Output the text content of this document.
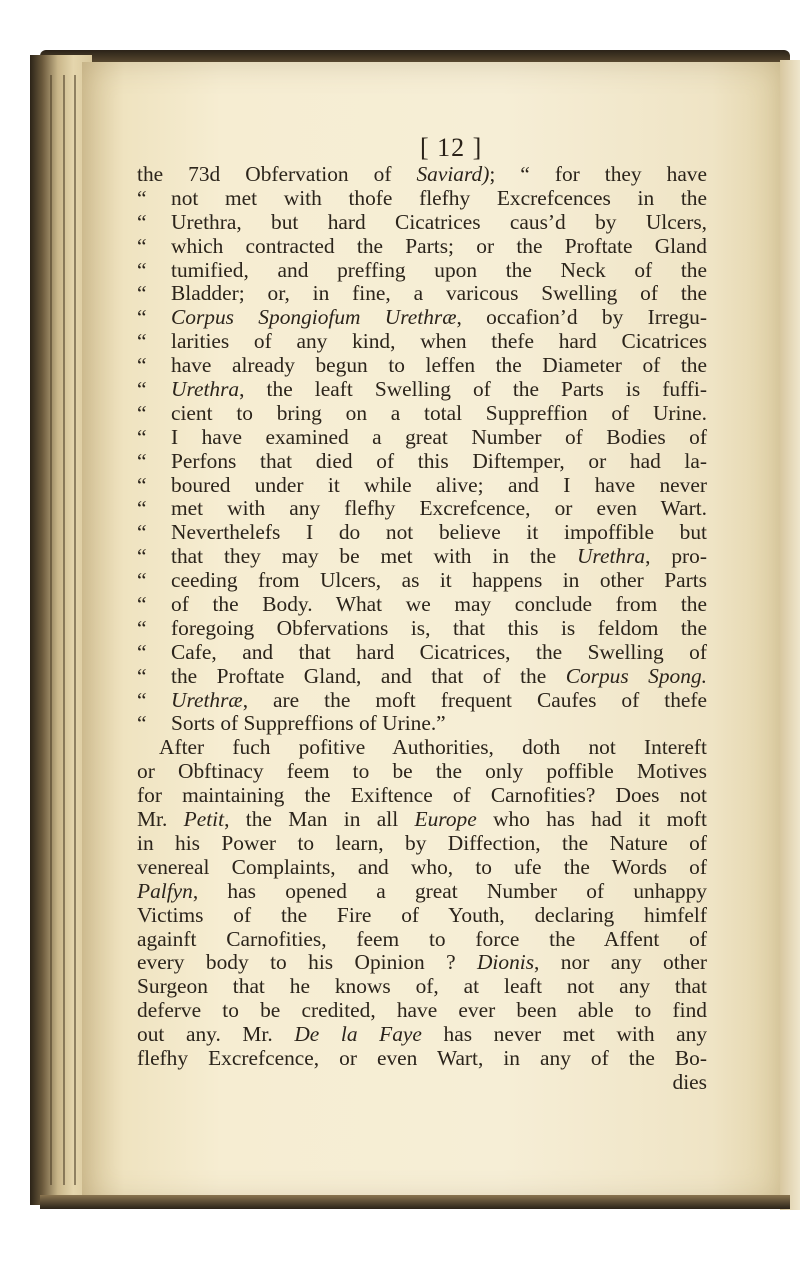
[ 12 ]
the 73d Obfervation of Saviard); “ for they have
“ not met with thofe flefhy Excrefcences in the
“ Urethra, but hard Cicatrices caus’d by Ulcers,
“ which contracted the Parts; or the Proftate Gland
“ tumified, and preffing upon the Neck of the
“ Bladder; or, in fine, a varicous Swelling of the
“ Corpus Spongiofum Urethræ, occafion’d by Irregu-
“ larities of any kind, when thefe hard Cicatrices
“ have already begun to leffen the Diameter of the
“ Urethra, the leaft Swelling of the Parts is fuffi-
“ cient to bring on a total Suppreffion of Urine.
“ I have examined a great Number of Bodies of
“ Perfons that died of this Diftemper, or had la-
“ boured under it while alive; and I have never
“ met with any flefhy Excrefcence, or even Wart.
“ Neverthelefs I do not believe it impoffible but
“ that they may be met with in the Urethra, pro-
“ ceeding from Ulcers, as it happens in other Parts
“ of the Body. What we may conclude from the
“ foregoing Obfervations is, that this is feldom the
“ Cafe, and that hard Cicatrices, the Swelling of
“ the Proftate Gland, and that of the Corpus Spong.
“ Urethræ, are the moft frequent Caufes of thefe
“ Sorts of Suppreffions of Urine.”
After fuch pofitive Authorities, doth not Intereft
or Obftinacy feem to be the only poffible Motives
for maintaining the Exiftence of Carnofities? Does not
Mr. Petit, the Man in all Europe who has had it moft
in his Power to learn, by Diffection, the Nature of
venereal Complaints, and who, to ufe the Words of
Palfyn, has opened a great Number of unhappy
Victims of the Fire of Youth, declaring himfelf
againft Carnofities, feem to force the Affent of
every body to his Opinion ? Dionis, nor any other
Surgeon that he knows of, at leaft not any that
deferve to be credited, have ever been able to find
out any. Mr. De la Faye has never met with any
flefhy Excrefcence, or even Wart, in any of the Bo-
dies
